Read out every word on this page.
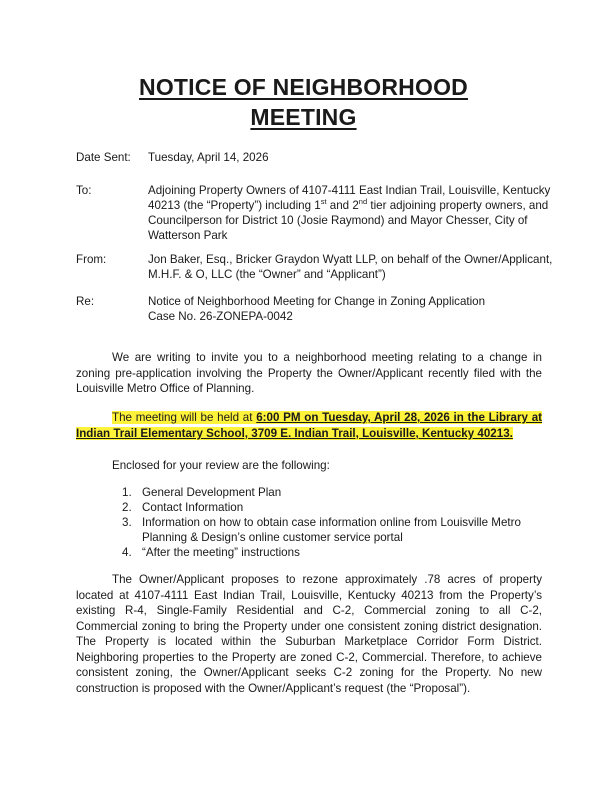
NOTICE OF NEIGHBORHOOD
MEETING
Date Sent: Tuesday, April 14, 2026
To:	Adjoining Property Owners of 4107-4111 East Indian Trail, Louisville, Kentucky 40213 (the “Property”) including 1st and 2nd tier adjoining property owners, and Councilperson for District 10 (Josie Raymond) and Mayor Chesser, City of Watterson Park
From:	Jon Baker, Esq., Bricker Graydon Wyatt LLP, on behalf of the Owner/Applicant, M.H.F. & O, LLC (the “Owner” and “Applicant”)
Re:	Notice of Neighborhood Meeting for Change in Zoning Application
Case No. 26-ZONEPA-0042
We are writing to invite you to a neighborhood meeting relating to a change in zoning pre-application involving the Property the Owner/Applicant recently filed with the Louisville Metro Office of Planning.
The meeting will be held at 6:00 PM on Tuesday, April 28, 2026 in the Library at Indian Trail Elementary School, 3709 E. Indian Trail, Louisville, Kentucky 40213.
Enclosed for your review are the following:
1. General Development Plan
2. Contact Information
3. Information on how to obtain case information online from Louisville Metro Planning & Design’s online customer service portal
4. “After the meeting” instructions
The Owner/Applicant proposes to rezone approximately .78 acres of property located at 4107-4111 East Indian Trail, Louisville, Kentucky 40213 from the Property’s existing R-4, Single-Family Residential and C-2, Commercial zoning to all C-2, Commercial zoning to bring the Property under one consistent zoning district designation. The Property is located within the Suburban Marketplace Corridor Form District. Neighboring properties to the Property are zoned C-2, Commercial. Therefore, to achieve consistent zoning, the Owner/Applicant seeks C-2 zoning for the Property. No new construction is proposed with the Owner/Applicant’s request (the “Proposal”).
